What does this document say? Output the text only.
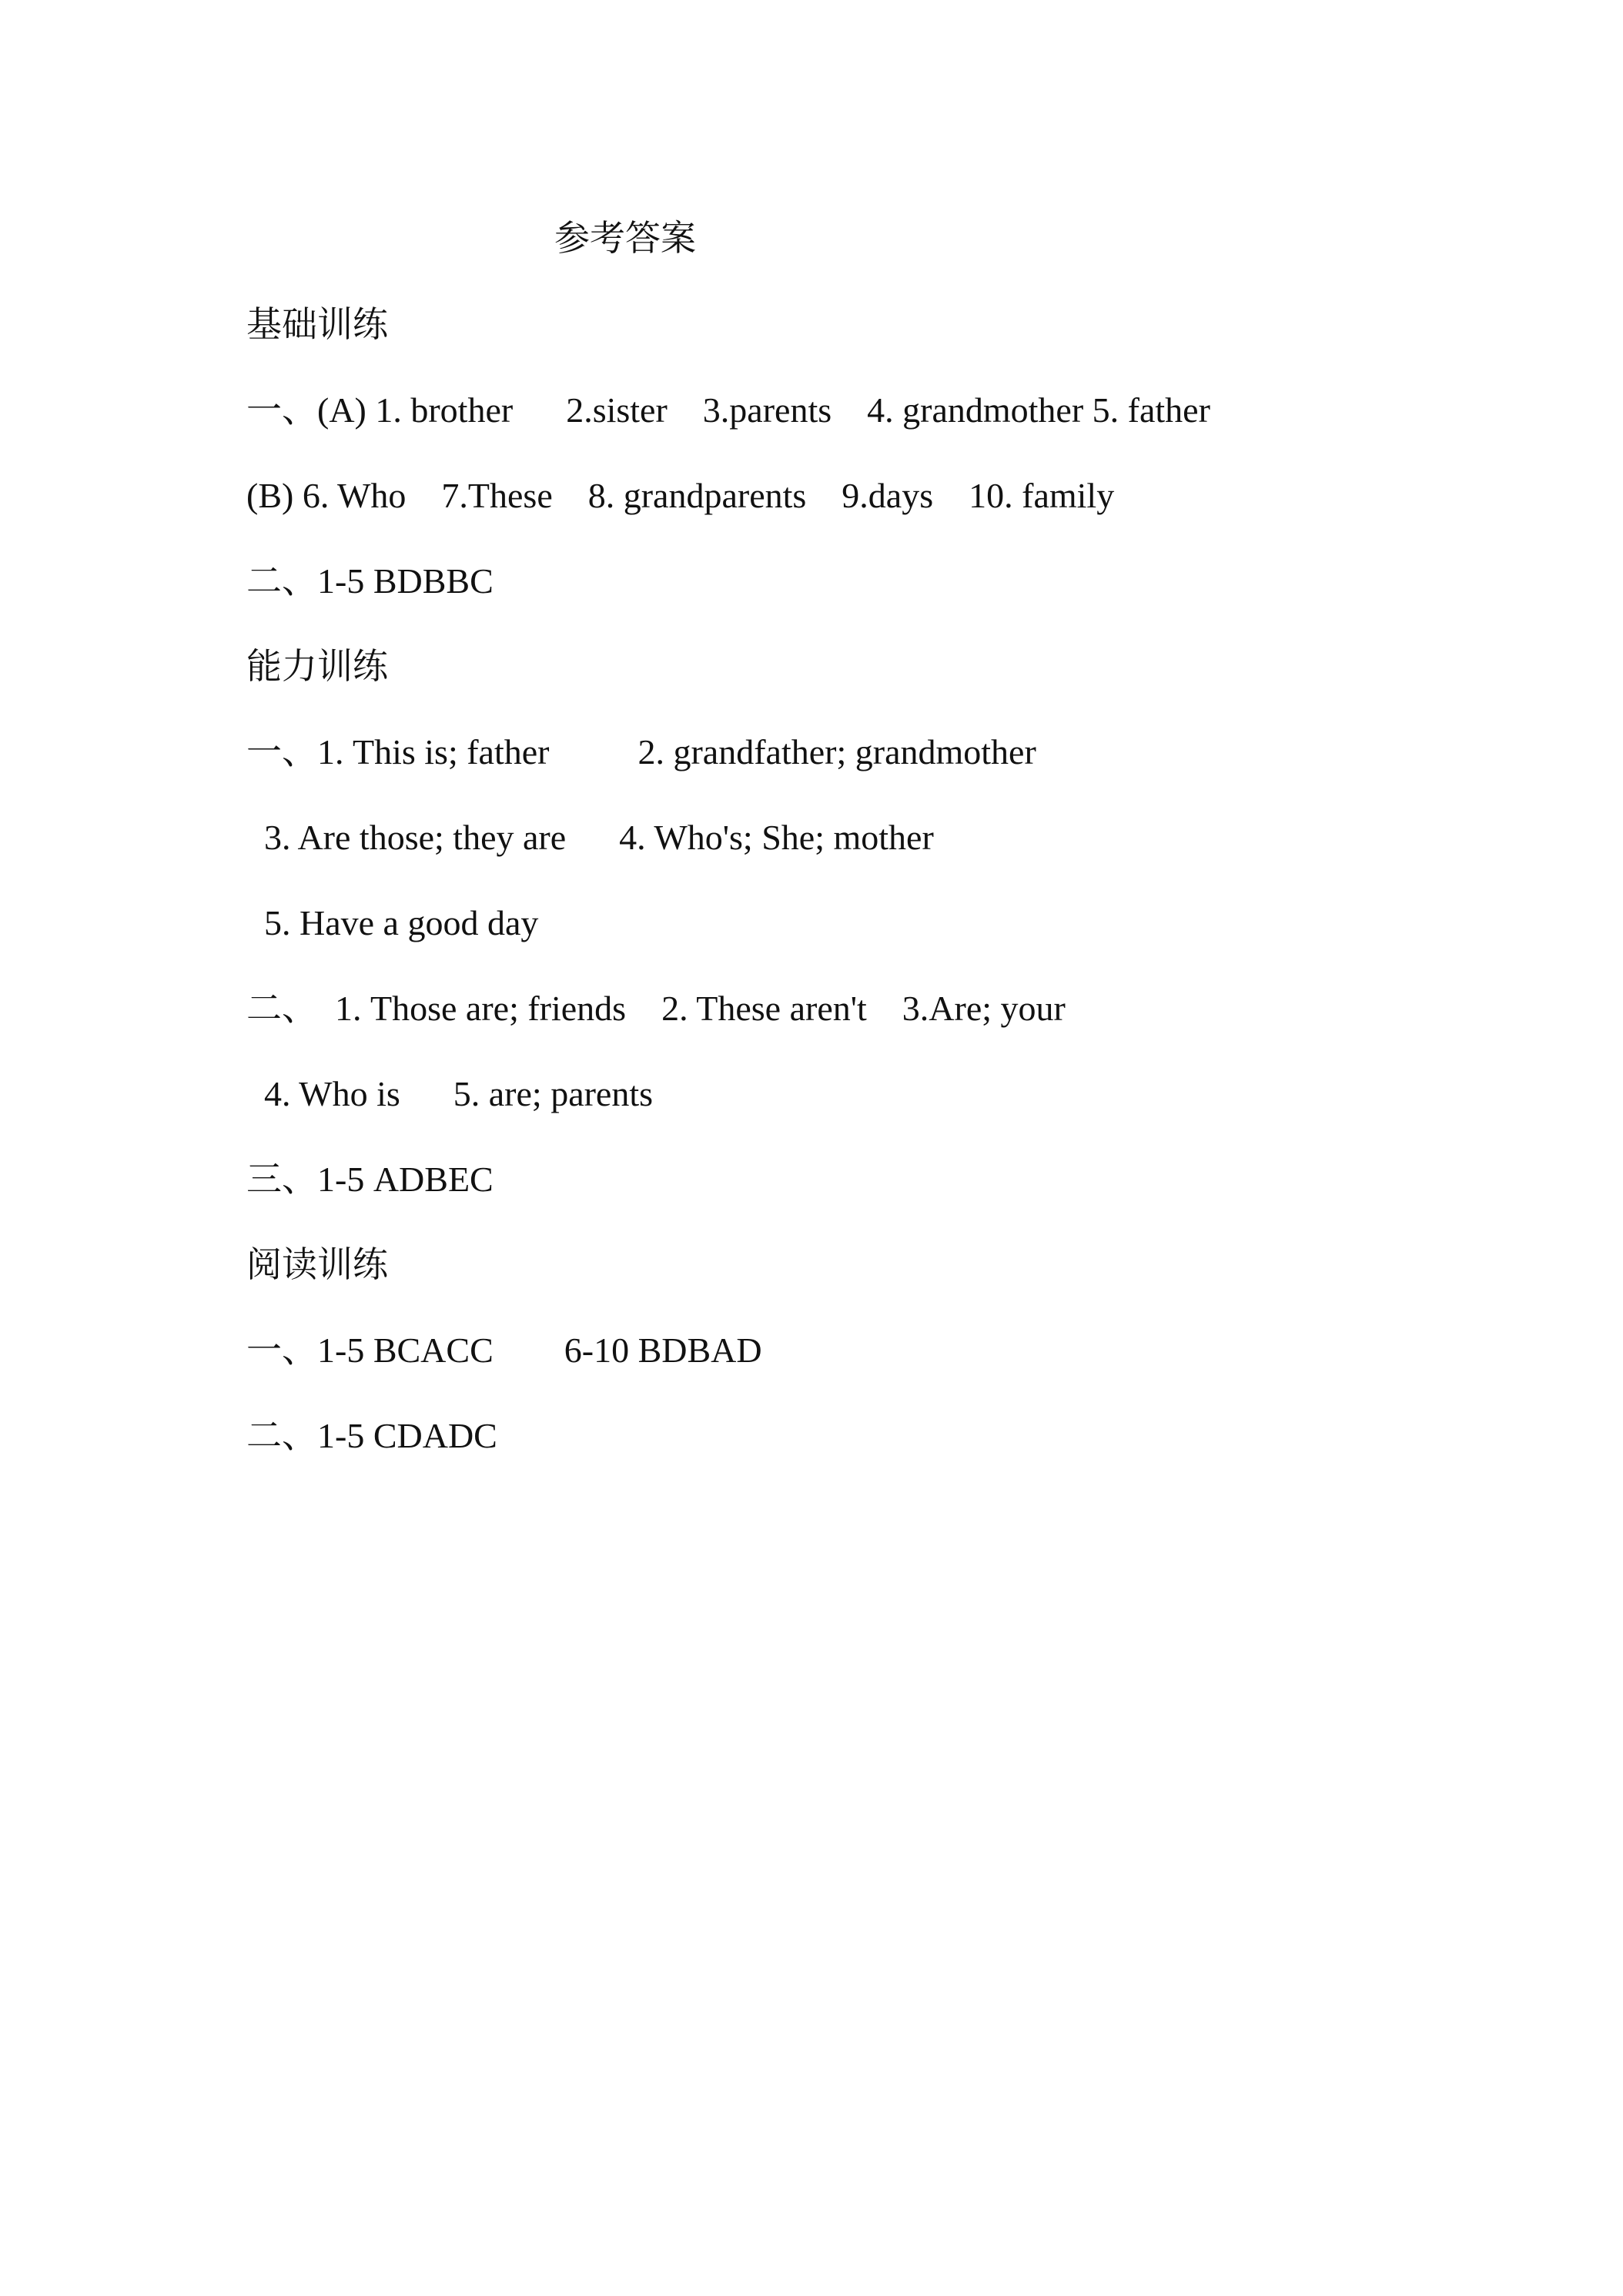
参考答案
基础训练
一、(A) 1. brother      2.sister    3.parents    4. grandmother 5. father
(B) 6. Who    7.These    8. grandparents    9.days    10. family
二、1-5 BDBBC
能力训练
一、1. This is; father          2. grandfather; grandmother
3. Are those; they are      4. Who's; She; mother
5. Have a good day
二、  1. Those are; friends    2. These aren't    3.Are; your
4. Who is      5. are; parents
三、1-5 ADBEC
阅读训练
一、1-5 BCACC        6-10 BDBAD
二、1-5 CDADC
